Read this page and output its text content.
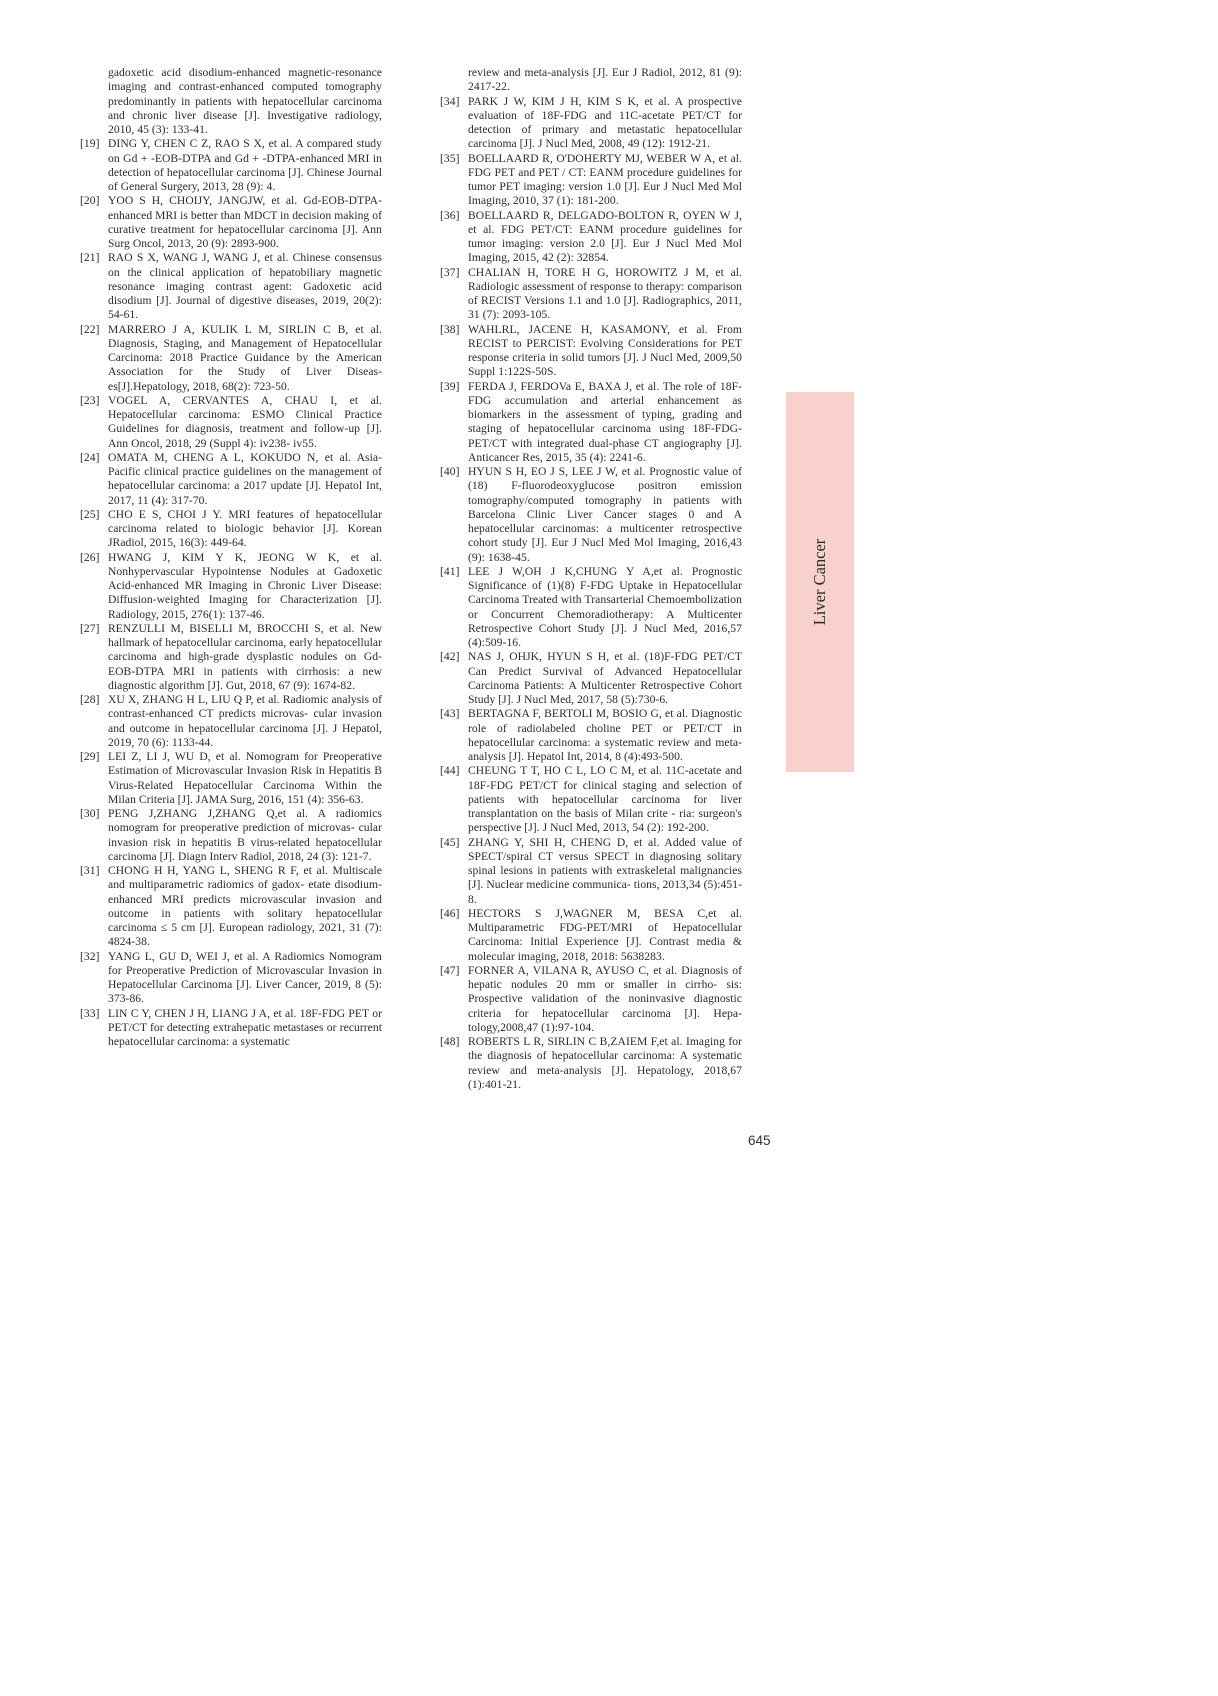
gadoxetic acid disodium-enhanced magnetic-resonance imaging and contrast-enhanced computed tomography predominantly in patients with hepatocellular carcinoma and chronic liver disease [J]. Investigative radiology, 2010, 45 (3): 133-41.
[19] DING Y, CHEN C Z, RAO S X, et al. A compared study on Gd + -EOB-DTPA and Gd + -DTPA-enhanced MRI in detection of hepatocellular carcinoma [J]. Chinese Journal of General Surgery, 2013, 28 (9): 4.
[20] YOO S H, CHOIJY, JANGJW, et al. Gd-EOB-DTPA-enhanced MRI is better than MDCT in decision making of curative treatment for hepatocellular carcinoma [J]. Ann Surg Oncol, 2013, 20 (9): 2893-900.
[21] RAO S X, WANG J, WANG J, et al. Chinese consensus on the clinical application of hepatobiliary magnetic resonance imaging contrast agent: Gadoxetic acid disodium [J]. Journal of digestive diseases, 2019, 20(2): 54-61.
[22] MARRERO J A, KULIK L M, SIRLIN C B, et al. Diagnosis, Staging, and Management of Hepatocellular Carcinoma: 2018 Practice Guidance by the American Association for the Study of Liver Diseas- es[J].Hepatology, 2018, 68(2): 723-50.
[23] VOGEL A, CERVANTES A, CHAU I, et al. Hepatocellular carcinoma: ESMO Clinical Practice Guidelines for diagnosis, treatment and follow-up [J]. Ann Oncol, 2018, 29 (Suppl 4): iv238- iv55.
[24] OMATA M, CHENG A L, KOKUDO N, et al. Asia-Pacific clinical practice guidelines on the management of hepatocellular carcinoma: a 2017 update [J]. Hepatol Int, 2017, 11 (4): 317-70.
[25] CHO E S, CHOI J Y. MRI features of hepatocellular carcinoma related to biologic behavior [J]. Korean JRadiol, 2015, 16(3): 449-64.
[26] HWANG J, KIM Y K, JEONG W K, et al. Nonhypervascular Hypointense Nodules at Gadoxetic Acid-enhanced MR Imaging in Chronic Liver Disease: Diffusion-weighted Imaging for Characterization [J]. Radiology, 2015, 276(1): 137-46.
[27] RENZULLI M, BISELLI M, BROCCHI S, et al. New hallmark of hepatocellular carcinoma, early hepatocellular carcinoma and high-grade dysplastic nodules on Gd-EOB-DTPA MRI in patients with cirrhosis: a new diagnostic algorithm [J]. Gut, 2018, 67 (9): 1674-82.
[28] XU X, ZHANG H L, LIU Q P, et al. Radiomic analysis of contrast-enhanced CT predicts microvas- cular invasion and outcome in hepatocellular carcinoma [J]. J Hepatol, 2019, 70 (6): 1133-44.
[29] LEI Z, LI J, WU D, et al. Nomogram for Preoperative Estimation of Microvascular Invasion Risk in Hepatitis B Virus-Related Hepatocellular Carcinoma Within the Milan Criteria [J]. JAMA Surg, 2016, 151 (4): 356-63.
[30] PENG J,ZHANG J,ZHANG Q,et al. A radiomics nomogram for preoperative prediction of microvas- cular invasion risk in hepatitis B virus-related hepatocellular carcinoma [J]. Diagn Interv Radiol, 2018, 24 (3): 121-7.
[31] CHONG H H, YANG L, SHENG R F, et al. Multiscale and multiparametric radiomics of gadox- etate disodium-enhanced MRI predicts microvascular invasion and outcome in patients with solitary hepatocellular carcinoma ≤ 5 cm [J]. European radiology, 2021, 31 (7): 4824-38.
[32] YANG L, GU D, WEI J, et al. A Radiomics Nomogram for Preoperative Prediction of Microvascular Invasion in Hepatocellular Carcinoma [J]. Liver Cancer, 2019, 8 (5): 373-86.
[33] LIN C Y, CHEN J H, LIANG J A, et al. 18F-FDG PET or PET/CT for detecting extrahepatic metastases or recurrent hepatocellular carcinoma: a systematic
review and meta-analysis [J]. Eur J Radiol, 2012, 81 (9): 2417-22.
[34] PARK J W, KIM J H, KIM S K, et al. A prospective evaluation of 18F-FDG and 11C-acetate PET/CT for detection of primary and metastatic hepatocellular carcinoma [J]. J Nucl Med, 2008, 49 (12): 1912-21.
[35] BOELLAARD R, O'DOHERTY MJ, WEBER W A, et al. FDG PET and PET / CT: EANM procedure guidelines for tumor PET imaging: version 1.0 [J]. Eur J Nucl Med Mol Imaging, 2010, 37 (1): 181-200.
[36] BOELLAARD R, DELGADO-BOLTON R, OYEN W J, et al. FDG PET/CT: EANM procedure guidelines for tumor imaging: version 2.0 [J]. Eur J Nucl Med Mol Imaging, 2015, 42 (2): 32854.
[37] CHALIAN H, TORE H G, HOROWITZ J M, et al. Radiologic assessment of response to therapy: comparison of RECIST Versions 1.1 and 1.0 [J]. Radiographics, 2011, 31 (7): 2093-105.
[38] WAHLRL, JACENE H, KASAMONY, et al. From RECIST to PERCIST: Evolving Considerations for PET response criteria in solid tumors [J]. J Nucl Med, 2009,50 Suppl 1:122S-50S.
[39] FERDA J, FERDOVa E, BAXA J, et al. The role of 18F-FDG accumulation and arterial enhancement as biomarkers in the assessment of typing, grading and staging of hepatocellular carcinoma using 18F-FDG-PET/CT with integrated dual-phase CT angiography [J]. Anticancer Res, 2015, 35 (4): 2241-6.
[40] HYUN S H, EO J S, LEE J W, et al. Prognostic value of (18) F-fluorodeoxyglucose positron emission tomography/computed tomography in patients with Barcelona Clinic Liver Cancer stages 0 and A hepatocellular carcinomas: a multicenter retrospective cohort study [J]. Eur J Nucl Med Mol Imaging, 2016,43 (9): 1638-45.
[41] LEE J W,OH J K,CHUNG Y A,et al. Prognostic Significance of (1)(8) F-FDG Uptake in Hepatocellular Carcinoma Treated with Transarterial Chemoembolization or Concurrent Chemoradiotherapy: A Multicenter Retrospective Cohort Study [J]. J Nucl Med, 2016,57 (4):509-16.
[42] NAS J, OHJK, HYUN S H, et al. (18)F-FDG PET/CT Can Predict Survival of Advanced Hepatocellular Carcinoma Patients: A Multicenter Retrospective Cohort Study [J]. J Nucl Med, 2017, 58 (5):730-6.
[43] BERTAGNA F, BERTOLI M, BOSIO G, et al. Diagnostic role of radiolabeled choline PET or PET/CT in hepatocellular carcinoma: a systematic review and meta-analysis [J]. Hepatol Int, 2014, 8 (4):493-500.
[44] CHEUNG T T, HO C L, LO C M, et al. 11C-acetate and 18F-FDG PET/CT for clinical staging and selection of patients with hepatocellular carcinoma for liver transplantation on the basis of Milan crite - ria: surgeon's perspective [J]. J Nucl Med, 2013, 54 (2): 192-200.
[45] ZHANG Y, SHI H, CHENG D, et al. Added value of SPECT/spiral CT versus SPECT in diagnosing solitary spinal lesions in patients with extraskeletal malignancies [J]. Nuclear medicine communica- tions, 2013,34 (5):451-8.
[46] HECTORS S J,WAGNER M, BESA C,et al. Multiparametric FDG-PET/MRI of Hepatocellular Carcinoma: Initial Experience [J]. Contrast media & molecular imaging, 2018, 2018: 5638283.
[47] FORNER A, VILANA R, AYUSO C, et al. Diagnosis of hepatic nodules 20 mm or smaller in cirrho- sis: Prospective validation of the noninvasive diagnostic criteria for hepatocellular carcinoma [J]. Hepa- tology,2008,47 (1):97-104.
[48] ROBERTS L R, SIRLIN C B,ZAIEM F,et al. Imaging for the diagnosis of hepatocellular carcinoma: A systematic review and meta-analysis [J]. Hepatology, 2018,67 (1):401-21.
Liver Cancer
645
